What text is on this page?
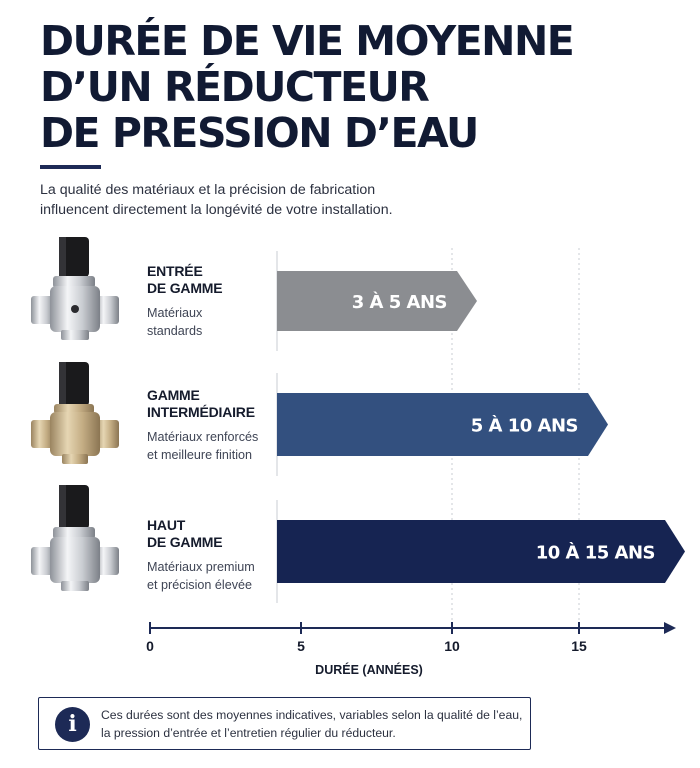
DURÉE DE VIE MOYENNE
D’UN RÉDUCTEUR
DE PRESSION D’EAU
La qualité des matériaux et la précision de fabrication
influencent directement la longévité de votre installation.
ENTRÉE
DE GAMME
Matériaux
standards
GAMME
INTERMÉDIAIRE
Matériaux renforcés
et meilleure finition
HAUT
DE GAMME
Matériaux premium
et précision élevée
3 À 5 ANS
5 À 10 ANS
10 À 15 ANS
0	5	10	15
DURÉE (ANNÉES)
i	Ces durées sont des moyennes indicatives, variables selon la qualité de l’eau,
la pression d’entrée et l’entretien régulier du réducteur.
